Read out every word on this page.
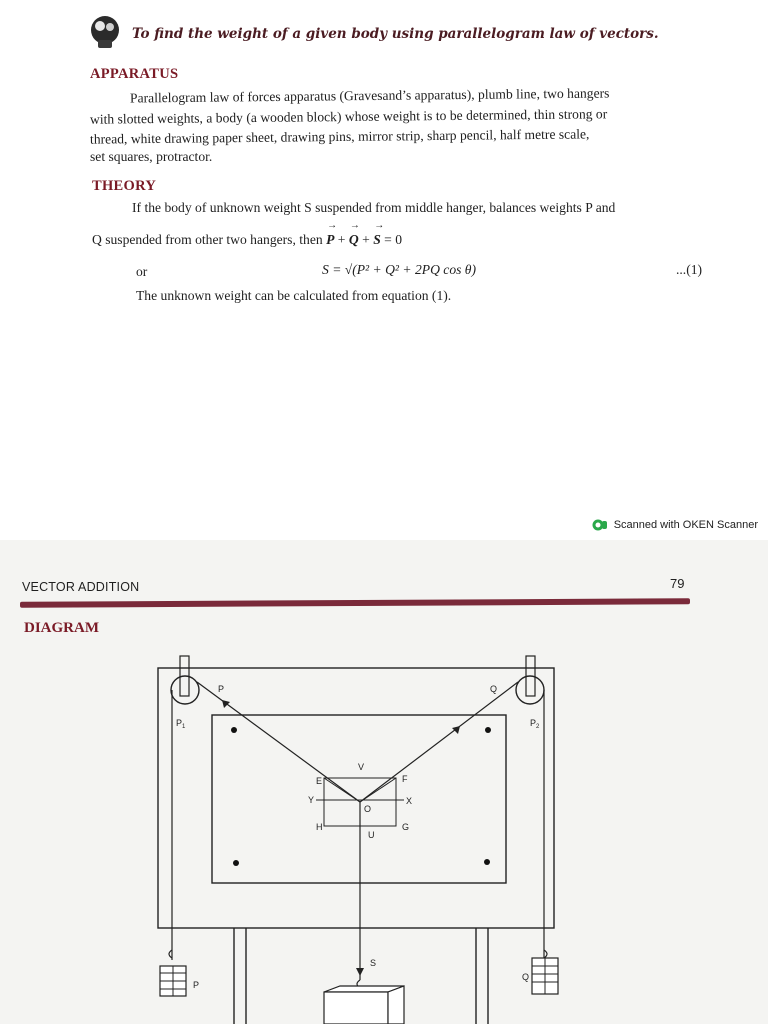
To find the weight of a given body using parallelogram law of vectors.
APPARATUS
Parallelogram law of forces apparatus (Gravesand’s apparatus), plumb line, two hangers
with slotted weights, a body (a wooden block) whose weight is to be determined, thin strong or
thread, white drawing paper sheet, drawing pins, mirror strip, sharp pencil, half metre scale,
set squares, protractor.
THEORY
If the body of unknown weight S suspended from middle hanger, balances weights P and
Q suspended from other two hangers, then → P + → Q + → S = 0
or	S = √(P² + Q² + 2PQ cos θ)	...(1)
The unknown weight can be calculated from equation (1).
Scanned with OKEN Scanner
VECTOR ADDITION	79
DIAGRAM
P	Q
$P_1$	$P_2$
V
E	F
Y	X
O
H	G
U
S
P
Q
